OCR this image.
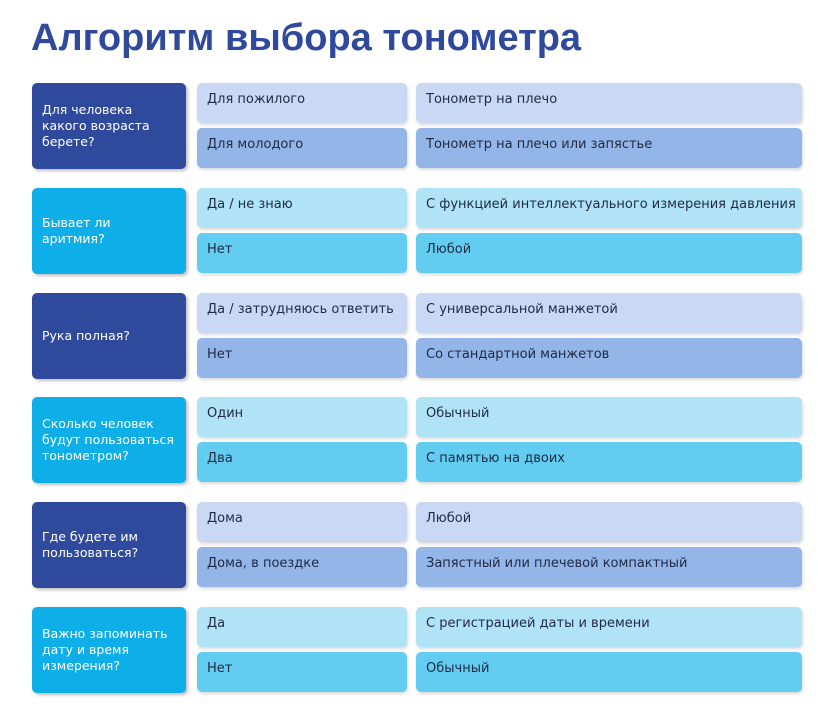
Алгоритм выбора тонометра
Для человека
какого возраста
берете?
Для пожилого	Тонометр на плечо
Для молодого	Тонометр на плечо или запястье
Бывает ли
аритмия?
Да / не знаю	С функцией интеллектуального измерения давления
Нет	Любой
Рука полная?
Да / затрудняюсь ответить	С универсальной манжетой
Нет	Со стандартной манжетов
Сколько человек
будут пользоваться
тонометром?
Один	Обычный
Два	С памятью на двоих
Где будете им
пользоваться?
Дома	Любой
Дома, в поездке	Запястный или плечевой компактный
Важно запоминать
дату и время
измерения?
Да	С регистрацией даты и времени
Нет	Обычный
